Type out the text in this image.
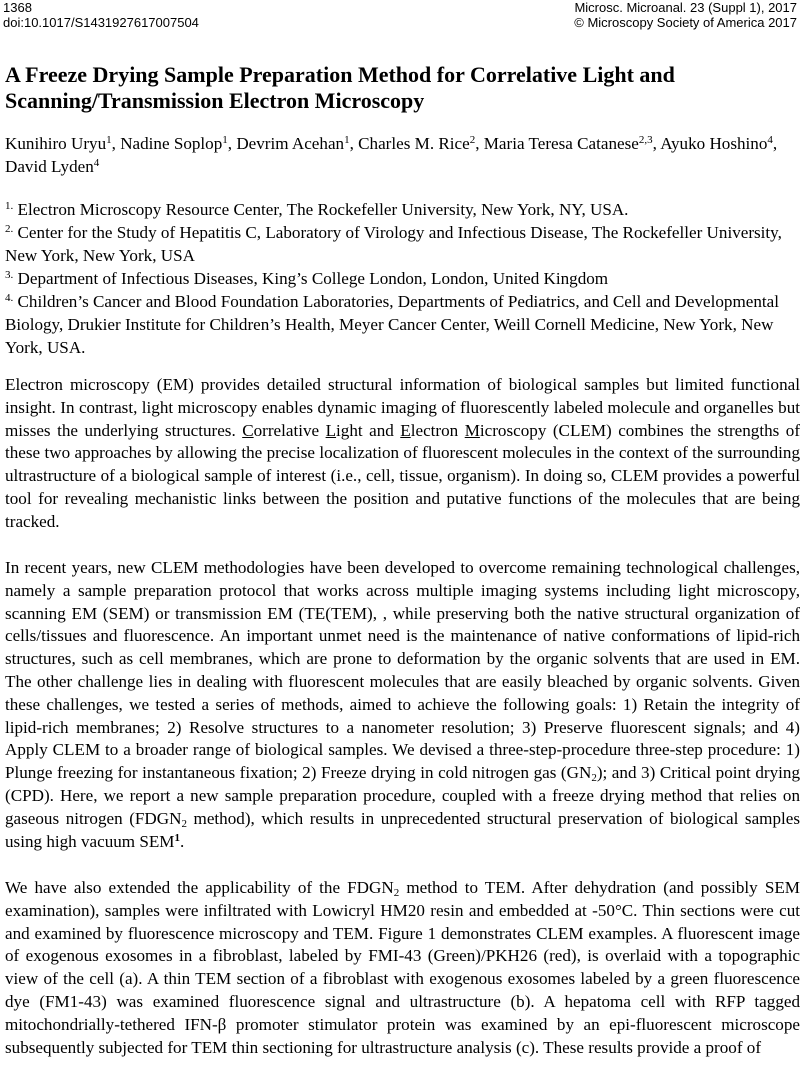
1368
doi:10.1017/S1431927617007504
Microsc. Microanal. 23 (Suppl 1), 2017
© Microscopy Society of America 2017
A Freeze Drying Sample Preparation Method for Correlative Light and Scanning/Transmission Electron Microscopy
Kunihiro Uryu$^1$, Nadine Soplop$^1$, Devrim Acehan$^1$, Charles M. Rice$^2$, Maria Teresa Catanese$^{2,3}$, Ayuko Hoshino$^4$, David Lyden$^4$

$^{1.}$ Electron Microscopy Resource Center, The Rockefeller University, New York, NY, USA.

$^{2.}$ Center for the Study of Hepatitis C, Laboratory of Virology and Infectious Disease, The Rockefeller University, New York, New York, USA

$^{3.}$ Department of Infectious Diseases, King’s College London, London, United Kingdom

$^{4.}$ Children’s Cancer and Blood Foundation Laboratories, Departments of Pediatrics, and Cell and Developmental Biology, Drukier Institute for Children’s Health, Meyer Cancer Center, Weill Cornell Medicine, New York, New York, USA.

Electron microscopy (EM) provides detailed structural information of biological samples but limited functional insight. In contrast, light microscopy enables dynamic imaging of fluorescently labeled molecule and organelles but misses the underlying structures. Correlative Light and Electron Microscopy (CLEM) combines the strengths of these two approaches by allowing the precise localization of fluorescent molecules in the context of the surrounding ultrastructure of a biological sample of interest (i.e., cell, tissue, organism). In doing so, CLEM provides a powerful tool for revealing mechanistic links between the position and putative functions of the molecules that are being tracked.

In recent years, new CLEM methodologies have been developed to overcome remaining technological challenges, namely a sample preparation protocol that works across multiple imaging systems including light microscopy, scanning EM (SEM) or transmission EM (TE(TEM), , while preserving both the native structural organization of cells/tissues and fluorescence. An important unmet need is the maintenance of native conformations of lipid-rich structures, such as cell membranes, which are prone to deformation by the organic solvents that are used in EM. The other challenge lies in dealing with fluorescent molecules that are easily bleached by organic solvents. Given these challenges, we tested a series of methods, aimed to achieve the following goals: 1) Retain the integrity of lipid-rich membranes; 2) Resolve structures to a nanometer resolution; 3) Preserve fluorescent signals; and 4) Apply CLEM to a broader range of biological samples. We devised a three-step-procedure three-step procedure: 1) Plunge freezing for instantaneous fixation; 2) Freeze drying in cold nitrogen gas $(GN_2)$; and 3) Critical point drying (CPD). Here, we report a new sample preparation procedure, coupled with a freeze drying method that relies on gaseous nitrogen ($FDGN_2$ method), which results in unprecedented structural preservation of biological samples using high vacuum SEM$^1$.

We have also extended the applicability of the $FDGN_2$ method to TEM. After dehydration (and possibly SEM examination), samples were infiltrated with Lowicryl HM20 resin and embedded at -50°C. Thin sections were cut and examined by fluorescence microscopy and TEM. Figure 1 demonstrates CLEM examples. A fluorescent image of exogenous exosomes in a fibroblast, labeled by FMI-43 (Green)/PKH26 (red), is overlaid with a topographic view of the cell (a). A thin TEM section of a fibroblast with exogenous exosomes labeled by a green fluorescence dye (FM1-43) was examined fluorescence signal and ultrastructure (b). A hepatoma cell with RFP tagged mitochondrially-tethered IFN-β promoter stimulator protein was examined by an epi-fluorescent microscope subsequently subjected for TEM thin sectioning for ultrastructure analysis (c). These results provide a proof of
